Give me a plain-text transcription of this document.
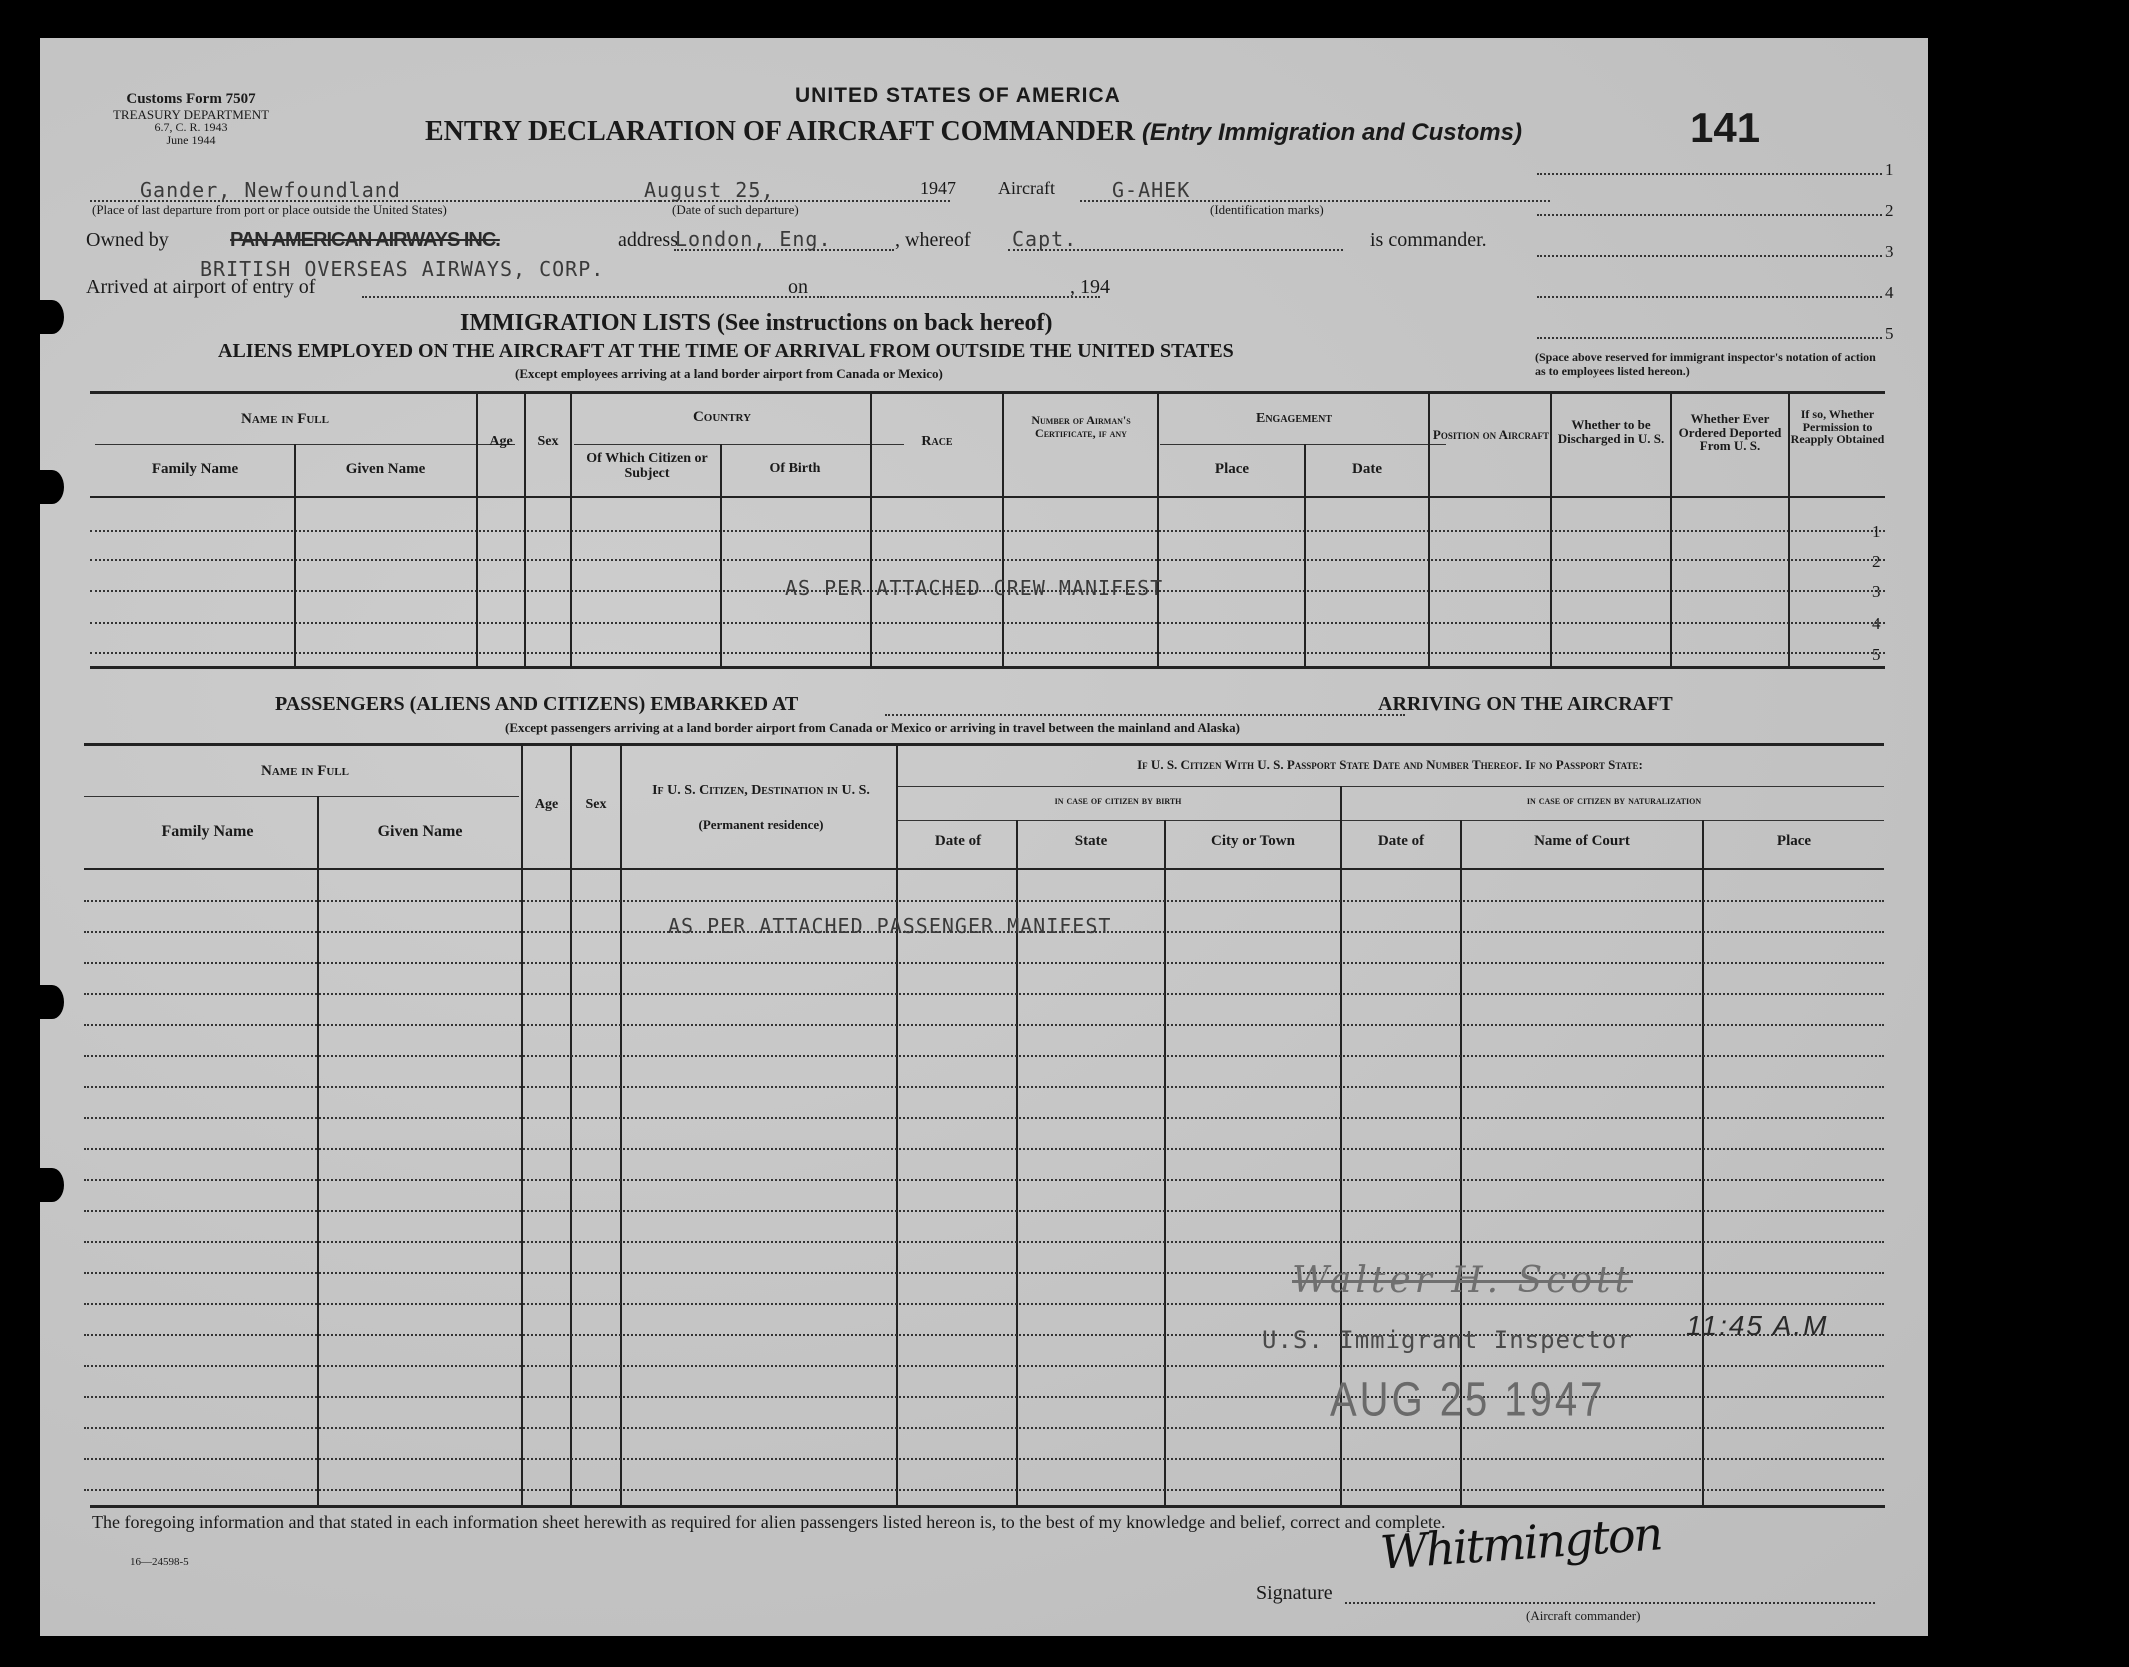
Customs Form 7507
TREASURY DEPARTMENT
6.7, C. R. 1943
June 1944
UNITED STATES OF AMERICA
ENTRY DECLARATION OF AIRCRAFT COMMANDER (Entry Immigration and Customs)	141
Gander, Newfoundland
(Place of last departure from port or place outside the United States)
August 25,
(Date of such departure)
1947 Aircraft	G-AHEK
(Identification marks)
Owned by	PAN AMERICAN AIRWAYS INC.	address
London, Eng.	, whereof Capt.	is commander.
BRITISH OVERSEAS AIRWAYS, CORP.
Arrived at airport of entry of	on	, 194
1
2
3
4
5
(Space above reserved for immigrant inspector's notation of action as to employees listed hereon.)
IMMIGRATION LISTS (See instructions on back hereof)
ALIENS EMPLOYED ON THE AIRCRAFT AT THE TIME OF ARRIVAL FROM OUTSIDE THE UNITED STATES
(Except employees arriving at a land border airport from Canada or Mexico)
Name in Full
Family Name	Given Name
Age	Sex
Country
Of Which Citizen or Subject	Of Birth
Race
Number of Airman's Certificate, if any
Engagement
Place	Date
Position on Aircraft
Whether to be Discharged in U. S.
Whether Ever Ordered Deported From U. S.
If so, Whether Permission to Reapply Obtained
1
2
3
4
5
AS PER ATTACHED CREW MANIFEST
PASSENGERS (ALIENS AND CITIZENS) EMBARKED AT	ARRIVING ON THE AIRCRAFT
(Except passengers arriving at a land border airport from Canada or Mexico or arriving in travel between the mainland and Alaska)
Name in Full
Family Name	Given Name
Age	Sex
If U. S. Citizen, Destination in U. S.
(Permanent residence)
If U. S. Citizen With U. S. Passport State Date and Number Thereof. If no Passport State:
in case of citizen by birth	in case of citizen by naturalization
Date of	State	City or Town	Date of	Name of Court	Place
AS PER ATTACHED PASSENGER MANIFEST
Walter H. Scott
U.S. Immigrant Inspector 11:45 A.M
AUG 25 1947
The foregoing information and that stated in each information sheet herewith as required for alien passengers listed hereon is, to the best of my knowledge and belief, correct and complete.
16—24598-5
Signature
Whitmington
(Aircraft commander)
